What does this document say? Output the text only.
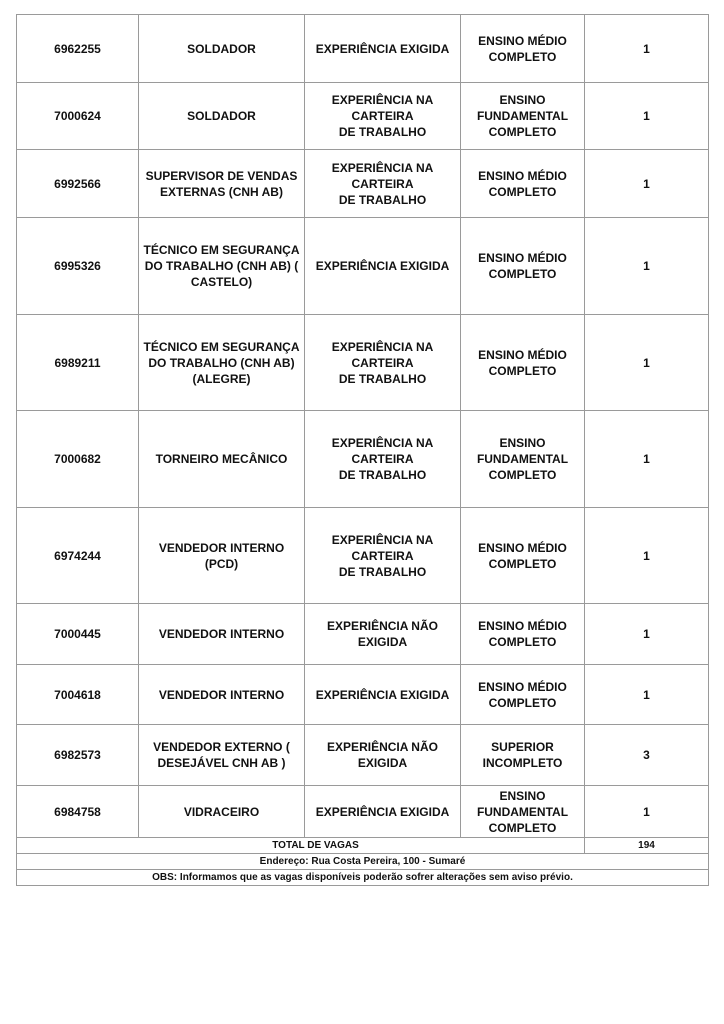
6962255	SOLDADOR	EXPERIÊNCIA EXIGIDA	ENSINO MÉDIO
COMPLETO	1
7000624	SOLDADOR	EXPERIÊNCIA NA CARTEIRA
DE TRABALHO	ENSINO
FUNDAMENTAL
COMPLETO	1
6992566	SUPERVISOR DE VENDAS
EXTERNAS (CNH AB)	EXPERIÊNCIA NA CARTEIRA
DE TRABALHO	ENSINO MÉDIO
COMPLETO	1
6995326	TÉCNICO EM SEGURANÇA
DO TRABALHO (CNH AB) (
CASTELO)	EXPERIÊNCIA EXIGIDA	ENSINO MÉDIO
COMPLETO	1
6989211	TÉCNICO EM SEGURANÇA
DO TRABALHO (CNH AB)
(ALEGRE)	EXPERIÊNCIA NA CARTEIRA
DE TRABALHO	ENSINO MÉDIO
COMPLETO	1
7000682	TORNEIRO MECÂNICO	EXPERIÊNCIA NA CARTEIRA
DE TRABALHO	ENSINO
FUNDAMENTAL
COMPLETO	1
6974244	VENDEDOR INTERNO (PCD)	EXPERIÊNCIA NA CARTEIRA
DE TRABALHO	ENSINO MÉDIO
COMPLETO	1
7000445	VENDEDOR INTERNO	EXPERIÊNCIA NÃO EXIGIDA	ENSINO MÉDIO
COMPLETO	1
7004618	VENDEDOR INTERNO	EXPERIÊNCIA EXIGIDA	ENSINO MÉDIO
COMPLETO	1
6982573	VENDEDOR EXTERNO (
DESEJÁVEL CNH AB )	EXPERIÊNCIA NÃO EXIGIDA	SUPERIOR
INCOMPLETO	3
6984758	VIDRACEIRO	EXPERIÊNCIA EXIGIDA	ENSINO
FUNDAMENTAL
COMPLETO	1
TOTAL DE VAGAS				194
Endereço: Rua Costa Pereira, 100 - Sumaré				
OBS: Informamos que as vagas disponíveis poderão sofrer alterações sem aviso prévio.				
